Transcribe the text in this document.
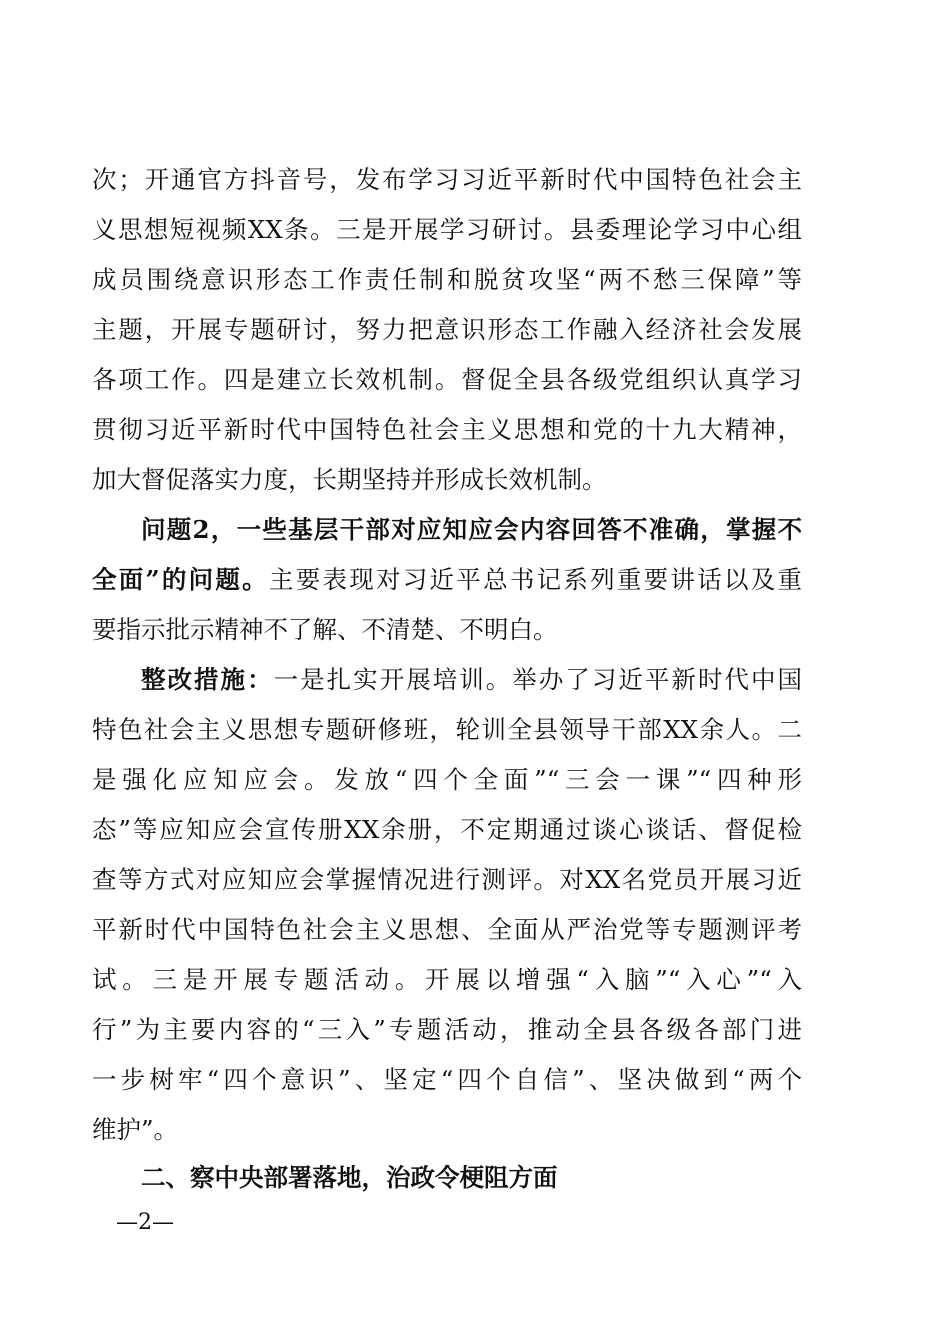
次；开通官方抖音号，发布学习习近平新时代中国特色社会主
义思想短视频XX条。三是开展学习研讨。县委理论学习中心组
成员围绕意识形态工作责任制和脱贫攻坚“两不愁三保障”等
主题，开展专题研讨，努力把意识形态工作融入经济社会发展
各项工作。四是建立长效机制。督促全县各级党组织认真学习
贯彻习近平新时代中国特色社会主义思想和党的十九大精神，
加大督促落实力度，长期坚持并形成长效机制。
问题2，一些基层干部对应知应会内容回答不准确，掌握不
全面”的问题。主要表现对习近平总书记系列重要讲话以及重
要指示批示精神不了解、不清楚、不明白。
整改措施：一是扎实开展培训。举办了习近平新时代中国
特色社会主义思想专题研修班，轮训全县领导干部XX余人。二
是强化应知应会。发放“四个全面”“三会一课”“四种形
态”等应知应会宣传册XX余册，不定期通过谈心谈话、督促检
查等方式对应知应会掌握情况进行测评。对XX名党员开展习近
平新时代中国特色社会主义思想、全面从严治党等专题测评考
试。三是开展专题活动。开展以增强“入脑”“入心”“入
行”为主要内容的“三入”专题活动，推动全县各级各部门进
一步树牢“四个意识”、坚定“四个自信”、坚决做到“两个
维护”。
二、察中央部署落地，治政令梗阻方面
—2—
